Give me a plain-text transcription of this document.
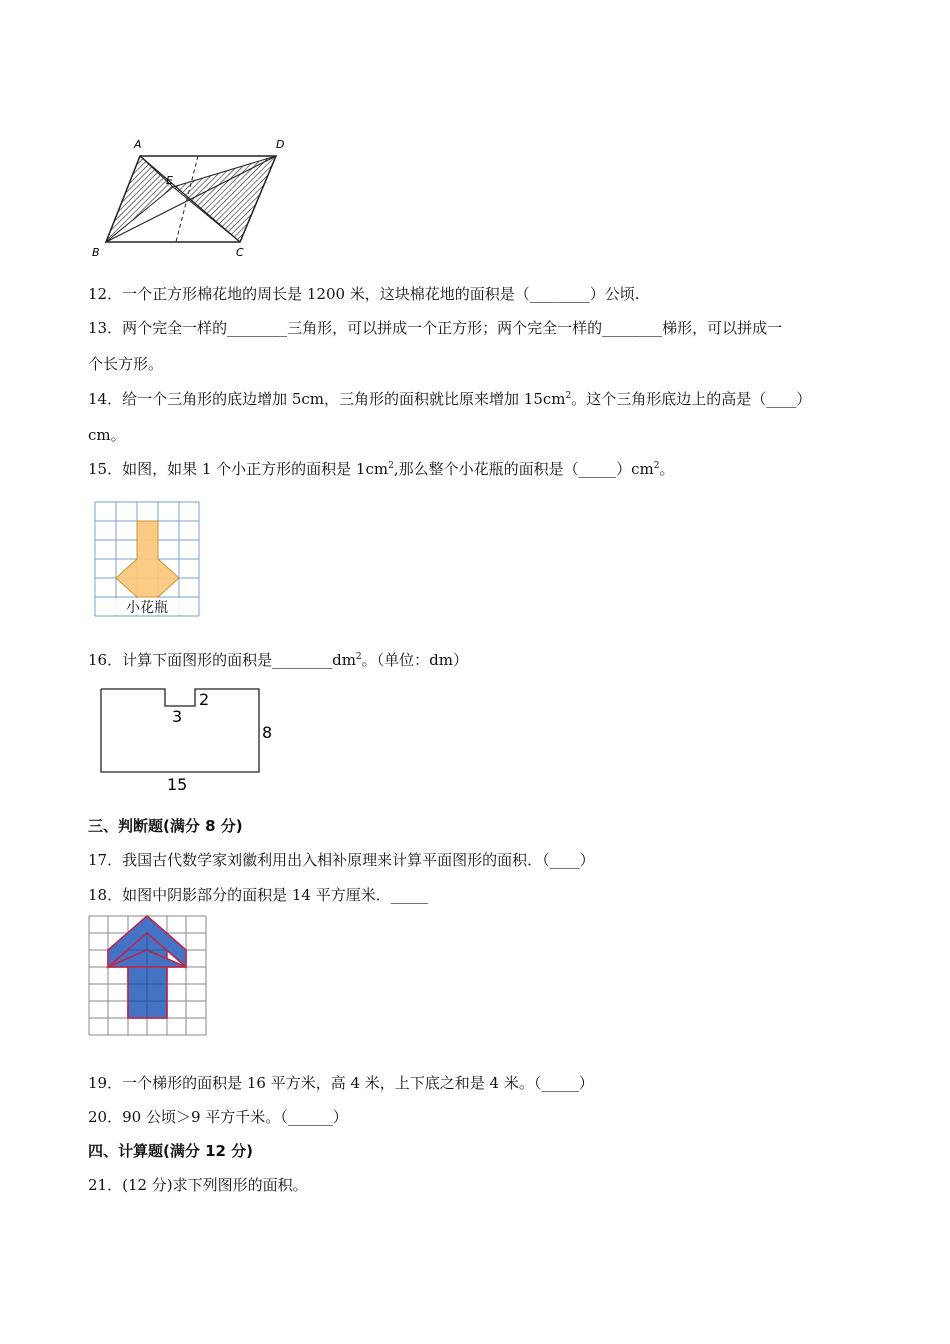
A	D
E
B	C
12．一个正方形棉花地的周长是 1200 米，这块棉花地的面积是（________）公顷.
13．两个完全一样的________三角形，可以拼成一个正方形；两个完全一样的________梯形，可以拼成一
个长方形。
14．给一个三角形的底边增加 5cm，三角形的面积就比原来增加 $15cm^2$。这个三角形底边上的高是（____）
cm。
15．如图，如果 1 个小正方形的面积是 $1cm^2$,那么整个小花瓶的面积是$(\_\_\_\_\_)cm^2$。
小花瓶
16．计算下面图形的面积是$\_\_\_\_\_\_\_\_dm^2$。（单位：dm）
3
2
8
15
三、判断题(满分 8 分)
17．我国古代数学家刘徽利用出入相补原理来计算平面图形的面积．（____）
18．如图中阴影部分的面积是 14 平方厘米．_____
19．一个梯形的面积是 16 平方米，高 4 米，上下底之和是 4 米。（_____）
20．90 公顷＞9 平方千米。（______）
四、计算题(满分 12 分)
21．(12 分)求下列图形的面积。
